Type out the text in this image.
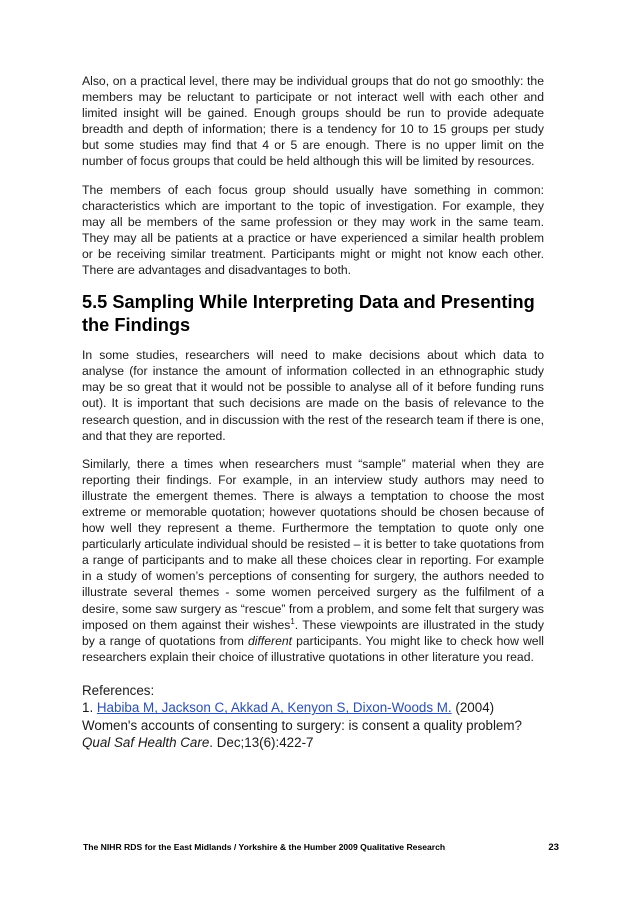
Also, on a practical level, there may be individual groups that do not go smoothly: the members may be reluctant to participate or not interact well with each other and limited insight will be gained. Enough groups should be run to provide adequate breadth and depth of information; there is a tendency for 10 to 15 groups per study but some studies may find that 4 or 5 are enough. There is no upper limit on the number of focus groups that could be held although this will be limited by resources.

The members of each focus group should usually have something in common: characteristics which are important to the topic of investigation. For example, they may all be members of the same profession or they may work in the same team. They may all be patients at a practice or have experienced a similar health problem or be receiving similar treatment. Participants might or might not know each other. There are advantages and disadvantages to both.

5.5 Sampling While Interpreting Data and Presenting the Findings

In some studies, researchers will need to make decisions about which data to analyse (for instance the amount of information collected in an ethnographic study may be so great that it would not be possible to analyse all of it before funding runs out). It is important that such decisions are made on the basis of relevance to the research question, and in discussion with the rest of the research team if there is one, and that they are reported.

Similarly, there a times when researchers must “sample” material when they are reporting their findings. For example, in an interview study authors may need to illustrate the emergent themes. There is always a temptation to choose the most extreme or memorable quotation; however quotations should be chosen because of how well they represent a theme. Furthermore the temptation to quote only one particularly articulate individual should be resisted – it is better to take quotations from a range of participants and to make all these choices clear in reporting. For example in a study of women’s perceptions of consenting for surgery, the authors needed to illustrate several themes - some women perceived surgery as the fulfilment of a desire, some saw surgery as “rescue” from a problem, and some felt that surgery was imposed on them against their wishes$^1$. These viewpoints are illustrated in the study by a range of quotations from different participants. You might like to check how well researchers explain their choice of illustrative quotations in other literature you read.

References:
1. Habiba M, Jackson C, Akkad A, Kenyon S, Dixon-Woods M. (2004)
Women's accounts of consenting to surgery: is consent a quality problem?
Qual Saf Health Care. Dec;13(6):422-7
The NIHR RDS for the East Midlands / Yorkshire & the Humber 2009 Qualitative Research	23
